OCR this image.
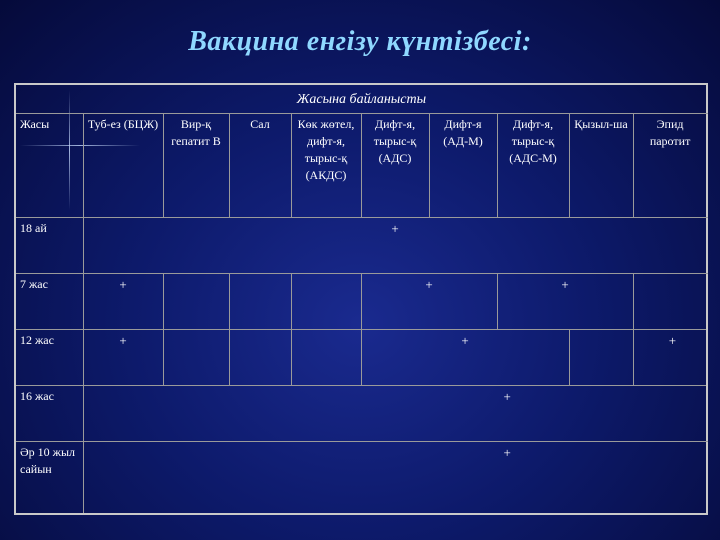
Вакцина енгізу күнтізбесі:
Жасына байланысты									
Жасы	Туб-ез (БЦЖ)	Вир-қ гепатит В	Сал	Көк жөтел, дифт-я, тырыс-қ (АКДС)	Дифт-я, тырыс-қ (АДС)	Дифт-я (АД-М)	Дифт-я, тырыс-қ (АДС-М)	Қызыл-ша	Эпид паротит
18 ай	+								
7 жас	+				+		+		
12 жас	+				+				+
16 жас	+								
Әр 10 жыл сайын	+								
